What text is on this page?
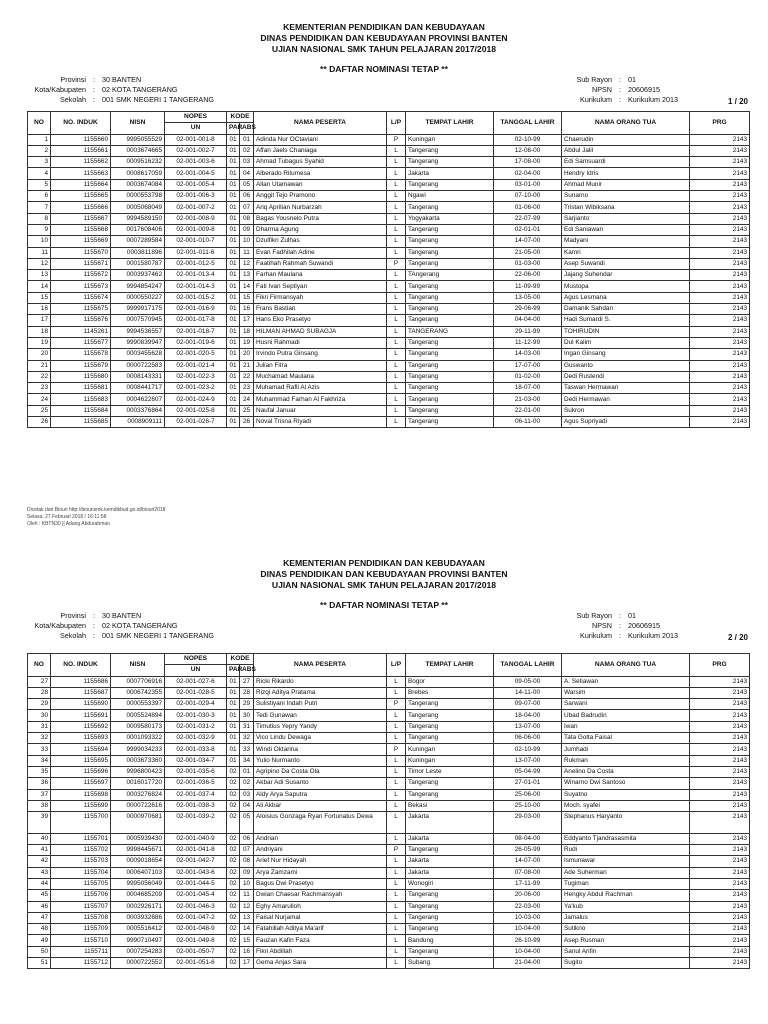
KEMENTERIAN PENDIDIKAN DAN KEBUDAYAAN
DINAS PENDIDIKAN DAN KEBUDAYAAN PROVINSI BANTEN
UJIAN NASIONAL SMK TAHUN PELAJARAN 2017/2018
** DAFTAR NOMINASI TETAP **
Provinsi : 30 BANTEN
Kota/Kabupaten : 02 KOTA TANGERANG
Sekolah : 001 SMK NEGERI 1 TANGERANG
Sub Rayon : 01
NPSN : 20606915
Kurikulum : Kurikulum 2013	1 / 20
NO	NO. INDUK	NISN	NOPES	KODE		NAMA PESERTA	L/P	TEMPAT LAHIR	TANGGAL LAHIR	NAMA ORANG TUA	PRG
			UN	PAR	ABS						
1	1155660	9995055529	02-001-001-8	01	01	Adinda Nur OCtaviani	P	Kuningan	02-10-99	Chaerudin	2143
2	1155661	0003674665	02-001-002-7	01	02	Affan Jaels Chaniaga	L	Tangerang	12-08-00	Abdul Jalil	2143
3	1155662	0009516232	02-001-003-6	01	03	Ahmad Tubagus Syahid	L	Tangerang	17-08-00	Edi Samsuardi	2143
4	1155663	0008617059	02-001-004-5	01	04	Alberado Ritumesa	L	Jakarta	02-04-00	Hendry Idris	2143
5	1155664	0003674084	02-001-005-4	01	05	Allan Utamawan	L	Tangerang	03-01-00	Ahmad Munir	2143
6	1155665	0000553798	02-001-006-3	01	06	Anggit Tejo Pramono	L	Ngawi	07-10-00	Sunarno	2143
7	1155666	0005068049	02-001-007-2	01	07	Ariq Aprilian Nurbarzah	L	Tangerang	01-06-00	Tristan Wibiksana	2143
8	1155667	9994589150	02-001-008-9	01	08	Bagas Yousnelo Putra	L	Yogyakarta	22-07-99	Sarjianto	2143
9	1155668	0017608406	02-001-009-8	01	09	Dharma Agung	L	Tangerang	02-01-01	Edi Saniawan	2143
10	1155669	0007289584	02-001-010-7	01	10	Dzulfikri Zulhas	L	Tangerang	14-07-00	Madyani	2143
11	1155670	0003811896	02-001-011-6	01	11	Evan Fadhilah Adine	L	Tangerang	21-05-00	Kamri	2143
12	1155671	0001580787	02-001-012-5	01	12	Faatihah Rahmah Suwandi	P	Tangerang	01-03-00	Asep Suwandi	2143
13	1155672	0003937462	02-001-013-4	01	13	Farhan Maulana	L	TAngerang	22-06-00	Jajang Suhendar	2143
14	1155673	9994854247	02-001-014-3	01	14	Fati Ivan Septiyan	L	Tangerang	11-09-99	Mustopa	2143
15	1155674	0000550227	02-001-015-2	01	15	Fikri Firmansyah	L	Tangerang	13-05-00	Agus Lesmana	2143
16	1155675	9999917175	02-001-016-9	01	16	Frans Bastian	L	Tangerang	29-06-99	Damanik Sahdan	2143
17	1155676	0007570945	02-001-017-8	01	17	Haris Eko Prasetyo	L	Tangerang	04-04-00	Hadi Sumardi S.	2143
18	1145261	9994536557	02-001-018-7	01	18	HILMAN AHMAD SUBAGJA	L	TANGERANG	29-11-99	TOHIRUDIN	2143
19	1155677	9990839947	02-001-019-6	01	19	Husni Rahmadi	L	Tangerang	11-12-99	Dul Kalim	2143
20	1155678	0003455628	02-001-020-5	01	20	Irvindo Putra Ginsang	L	Tangerang	14-03-00	Ingan Ginsang	2143
21	1155679	0000722583	02-001-021-4	01	21	Julian Fitra	L	Tangerang	17-07-00	Guswanto	2143
22	1155680	0008143331	02-001-022-3	01	22	Muchamad Maulana	L	Tangerang	01-02-00	Dedi Rustendi	2143
23	1155681	0008441717	02-001-023-2	01	23	Muhamad Rafli Al Azis	L	Tangerang	18-07-00	Taswan Hermawan	2143
24	1155683	0004622607	02-001-024-9	01	24	Muhammad Farhan Al Fakhriza	L	Tangerang	21-03-00	Dedi Hermawan	2143
25	1155684	0003376864	02-001-025-8	01	25	Naufal Januar	L	Tangerang	22-01-00	Sukron	2143
26	1155685	0008909111	02-001-026-7	01	26	Noval Trisna Riyadi	L	Tangerang	06-11-00	Agus Supriyadi	2143
Dicetak dari Bioun http://biounsmk.kemdikbud.go.id/bioun2018
Selasa, 27 Februari 2018 / 16:11:58
Oleh : KBTN30 || Adang Abdurahman
KEMENTERIAN PENDIDIKAN DAN KEBUDAYAAN
DINAS PENDIDIKAN DAN KEBUDAYAAN PROVINSI BANTEN
UJIAN NASIONAL SMK TAHUN PELAJARAN 2017/2018
** DAFTAR NOMINASI TETAP **
Provinsi : 30 BANTEN
Kota/Kabupaten : 02 KOTA TANGERANG
Sekolah : 001 SMK NEGERI 1 TANGERANG
Sub Rayon : 01
NPSN : 20606915
Kurikulum : Kurikulum 2013	2 / 20
NO	NO. INDUK	NISN	NOPES	KODE		NAMA PESERTA	L/P	TEMPAT LAHIR	TANGGAL LAHIR	NAMA ORANG TUA	PRG
			UN	PAR	ABS						
27	1155686	0007706916	02-001-027-6	01	27	Ricki Rikardo	L	Bogor	09-05-00	A. Setiawan	2143
28	1155687	0006742355	02-001-028-5	01	28	Rizqi Aditya Pratama	L	Brebes	14-11-00	Warsim	2143
29	1155690	0000553397	02-001-029-4	01	29	Sulistiyani Indah Putri	P	Tangerang	09-07-00	Sarwani	2143
30	1155691	0005524894	02-001-030-3	01	30	Tedi Gunawan	L	Tangerang	18-04-00	Ubad Badrudin	2143
31	1155692	0009580173	02-001-031-2	01	31	Timutius Yepry Yandy	L	Tangerang	13-07-00	Iwan	2143
32	1155693	0001093322	02-001-032-9	01	32	Vico Lindu Dewaga	L	Tangerang	06-06-00	Tata Golta Faisal	2143
33	1155694	9999034233	02-001-033-8	01	33	Windi Oktarina	P	Kuningan	02-10-99	Jumhadi	2143
34	1155695	0003673360	02-001-034-7	01	34	Yulio Nurmanto	L	Kuningan	13-07-00	Rukman	2143
35	1155696	9996800423	02-001-035-6	02	01	Agripino Da Costa Ola	L	Timor Leste	05-04-99	Anelino Da Costa	2143
36	1155697	0016017720	02-001-036-5	02	02	Akbar Adi Susanto	L	Tangerang	27-01-01	Winarno Dwi Santoso	2143
37	1155698	0003276824	02-001-037-4	02	03	Aldy Arya Saputra	L	Tangerang	25-06-00	Suyatno	2143
38	1155699	0000722616	02-001-038-3	02	04	Ali Akbar	L	Bekasi	25-10-00	Moch. syafei	2143
39	1155700	0000970681	02-001-039-2	02	05	Aloisius Gonzaga Ryan Fortunatus Dewa	L	Jakarta	29-03-00	Stephanus Haryanto	2143
40	1155701	0005939430	02-001-040-9	02	06	Andrian	L	Jakarta	08-04-00	Eddyanto Tjandrasasmita	2143
41	1155702	9998445671	02-001-041-8	02	07	Andriyani	P	Tangerang	26-05-99	Rudi	2143
42	1155703	0009018654	02-001-042-7	02	08	Arief Nur Hidayah	L	Jakarta	14-07-00	Ismunawar	2143
43	1155704	0006407103	02-001-043-6	02	09	Arya Zamzami	L	Jakarta	07-08-00	Ade Suherman	2143
44	1155705	9995056049	02-001-044-5	02	10	Bagus Dwi Prasetyo	L	Wonogiri	17-11-99	Tugiman	2143
45	1155706	0004685209	02-001-045-4	02	11	Dwian Chaesar Rachmansyah	L	Tangerang	20-06-00	Hengky Abdul Rachman	2143
46	1155707	0002926171	02-001-046-3	02	12	Eghy Amarulloh	L	Tangerang	22-03-00	Ya'kub	2143
47	1155708	0003932686	02-001-047-2	02	13	Faisal Nurjamal	L	Tangerang	10-03-00	Jamalus	2143
48	1155709	0005516412	02-001-048-9	02	14	Fatahillah Aditya Ma'arif	L	Tangerang	10-04-00	Sutikno	2143
49	1155710	9990710497	02-001-049-8	02	15	Fauzan Kafin Faza	L	Bandung	26-10-99	Asep Rusman	2143
50	1155711	0007254283	02-001-050-7	02	16	Fikri Abdillah	L	Tangerang	10-04-00	Sanul Arifin	2143
51	1155712	0000722552	02-001-051-6	02	17	Gema Anjas Sara	L	Subang	21-04-00	Sugito	2143
